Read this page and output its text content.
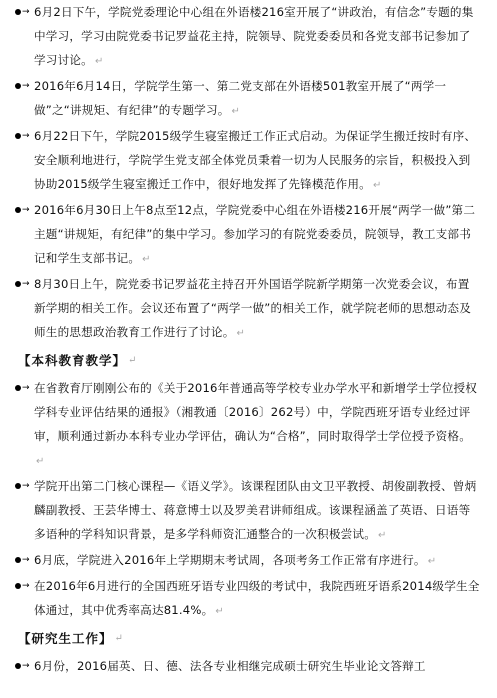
→ 6月2日下午，学院党委理论中心组在外语楼216室开展了“讲政治，有信念”专题的集中学习，学习由院党委书记罗益花主持，院领导、院党委委员和各党支部书记参加了学习讨论。 ↵

→ 2016年6月14日，学院学生第一、第二党支部在外语楼501教室开展了“两学一做”之“讲规矩、有纪律”的专题学习。 ↵

→ 6月22日下午，学院2015级学生寝室搬迁工作正式启动。为保证学生搬迁按时有序、安全顺利地进行，学院学生党支部全体党员秉着一切为人民服务的宗旨，积极投入到协助2015级学生寝室搬迁工作中，很好地发挥了先锋模范作用。 ↵

→ 2016年6月30日上午8点至12点，学院党委中心组在外语楼216开展“两学一做”第二主题“讲规矩，有纪律”的集中学习。参加学习的有院党委委员，院领导，教工支部书记和学生支部书记。 ↵

→ 8月30日上午，院党委书记罗益花主持召开外国语学院新学期第一次党委会议，布置新学期的相关工作。会议还布置了“两学一做”的相关工作，就学院老师的思想动态及师生的思想政治教育工作进行了讨论。 ↵

【本科教育教学】 ↵

→ 在省教育厅刚刚公布的《关于2016年普通高等学校专业办学水平和新增学士学位授权学科专业评估结果的通报》（湘教通〔2016〕262号）中，学院西班牙语专业经过评审，顺利通过新办本科专业办学评估，确认为“合格”，同时取得学士学位授予资格。↵

→ 学院开出第二门核心课程—《语义学》。该课程团队由文卫平教授、胡俊副教授、曾炳麟副教授、王芸华博士、蒋意博士以及罗美君讲师组成。该课程涵盖了英语、日语等多语种的学科知识背景，是多学科师资汇通整合的一次积极尝试。 ↵

→ 6月底，学院进入2016年上学期期末考试周，各项考务工作正常有序进行。 ↵

→ 在2016年6月进行的全国西班牙语专业四级的考试中，我院西班牙语系2014级学生全体通过，其中优秀率高达81.4%。 ↵

【研究生工作】 ↵

→ 6月份，2016届英、日、德、法各专业相继完成硕士研究生毕业论文答辩工
